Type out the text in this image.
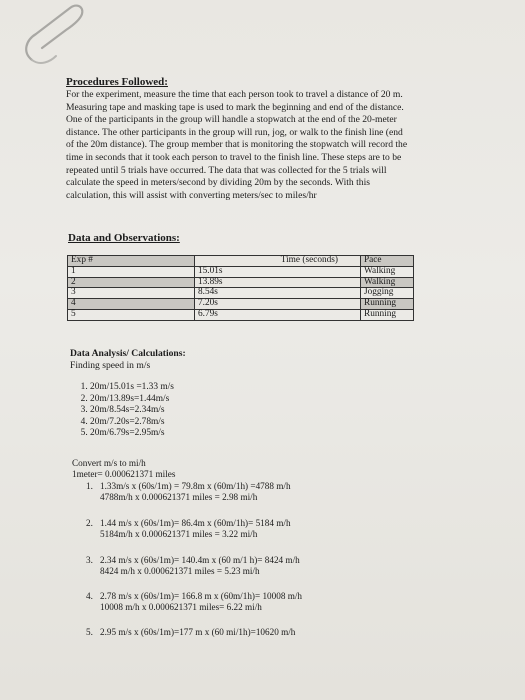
Procedures Followed:

For the experiment, measure the time that each person took to travel a distance of 20 m.

Measuring tape and masking tape is used to mark the beginning and end of the distance.

One of the participants in the group will handle a stopwatch at the end of the 20-meter

distance. The other participants in the group will run, jog, or walk to the finish line (end

of the 20m distance). The group member that is monitoring the stopwatch will record the

time in seconds that it took each person to travel to the finish line. These steps are to be

repeated until 5 trials have occurred. The data that was collected for the 5 trials will

calculate the speed in meters/second by dividing 20m by the seconds. With this

calculation, this will assist with converting meters/sec to miles/hr

Data and Observations:

Exp #	Time (seconds)	Pace
1	15.01s	Walking
2	13.89s	Walking
3	8.54s	Jogging
4	7.20s	Running
5	6.79s	Running
Data Analysis/ Calculations:
Finding speed in m/s
1. 20m/15.01s =1.33 m/s
2. 20m/13.89s=1.44m/s
3. 20m/8.54s=2.34m/s
4. 20m/7.20s=2.78m/s
5. 20m/6.79s=2.95m/s
Convert m/s to mi/h
1meter= 0.000621371 miles
1. 1.33m/s x (60s/1m) = 79.8m x (60m/1h) =4788 m/h
4788m/h x 0.000621371 miles = 2.98 mi/h
2. 1.44 m/s x (60s/1m)= 86.4m x (60m/1h)= 5184 m/h
5184m/h x 0.000621371 miles = 3.22 mi/h
3. 2.34 m/s x (60s/1m)= 140.4m x (60 m/1 h)= 8424 m/h
8424 m/h x 0.000621371 miles = 5.23 mi/h
4. 2.78 m/s x (60s/1m)= 166.8 m x (60m/1h)= 10008 m/h
10008 m/h x 0.000621371 miles= 6.22 mi/h
5. 2.95 m/s x (60s/1m)=177 m x (60 mi/1h)=10620 m/h
